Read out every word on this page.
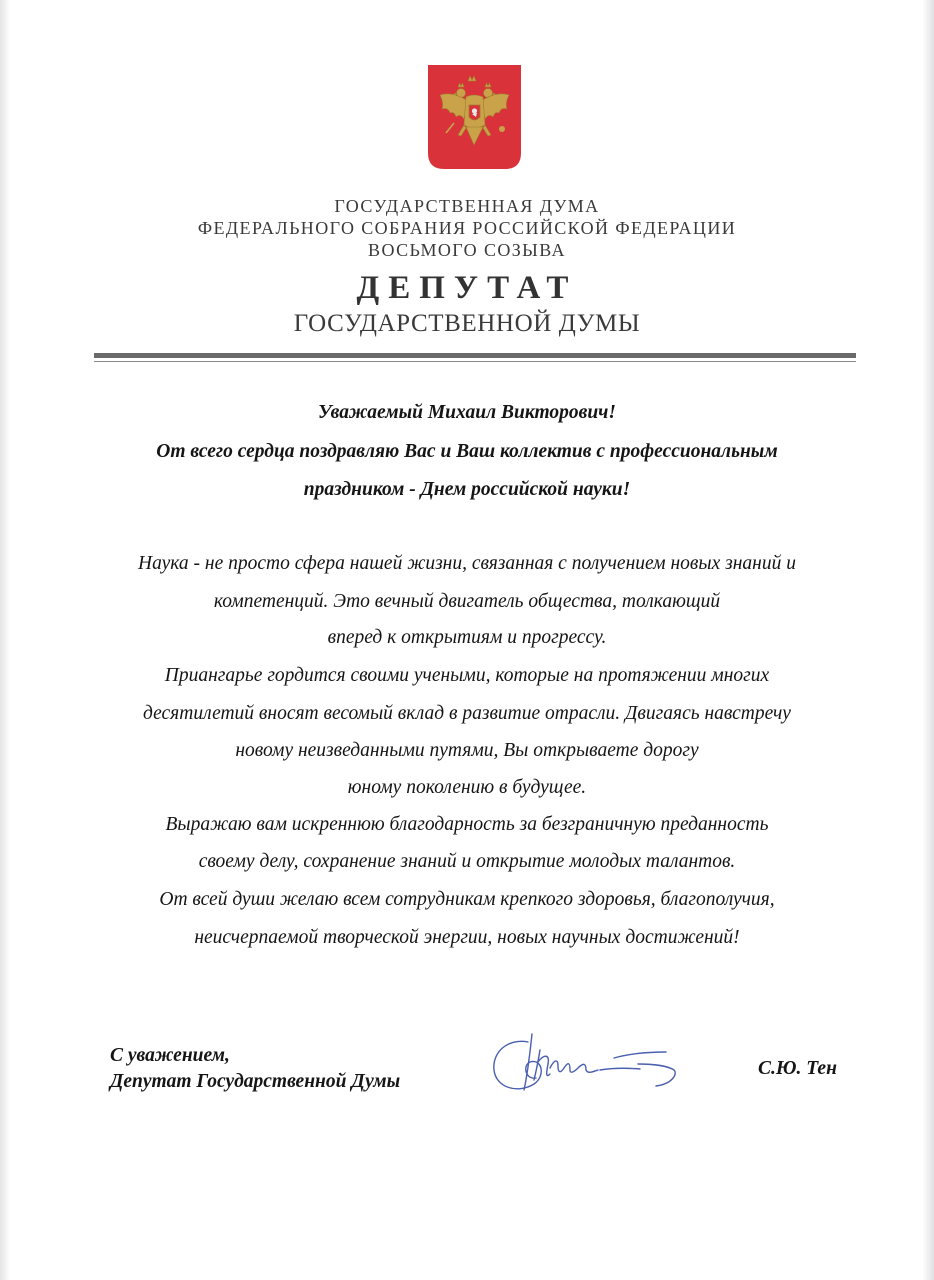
ГОСУДАРСТВЕННАЯ ДУМА
ФЕДЕРАЛЬНОГО СОБРАНИЯ РОССИЙСКОЙ ФЕДЕРАЦИИ
ВОСЬМОГО СОЗЫВА
ДЕПУТАТ
ГОСУДАРСТВЕННОЙ ДУМЫ
Уважаемый Михаил Викторович!
От всего сердца поздравляю Вас и Ваш коллектив с профессиональным
праздником - Днем российской науки!
Наука - не просто сфера нашей жизни, связанная с получением новых знаний и
компетенций. Это вечный двигатель общества, толкающий
вперед к открытиям и прогрессу.
Приангарье гордится своими учеными, которые на протяжении многих
десятилетий вносят весомый вклад в развитие отрасли. Двигаясь навстречу
новому неизведанными путями, Вы открываете дорогу
юному поколению в будущее.
Выражаю вам искреннюю благодарность за безграничную преданность
своему делу, сохранение знаний и открытие молодых талантов.
От всей души желаю всем сотрудникам крепкого здоровья, благополучия,
неисчерпаемой творческой энергии, новых научных достижений!
С уважением,
Депутат Государственной Думы
С.Ю. Тен
